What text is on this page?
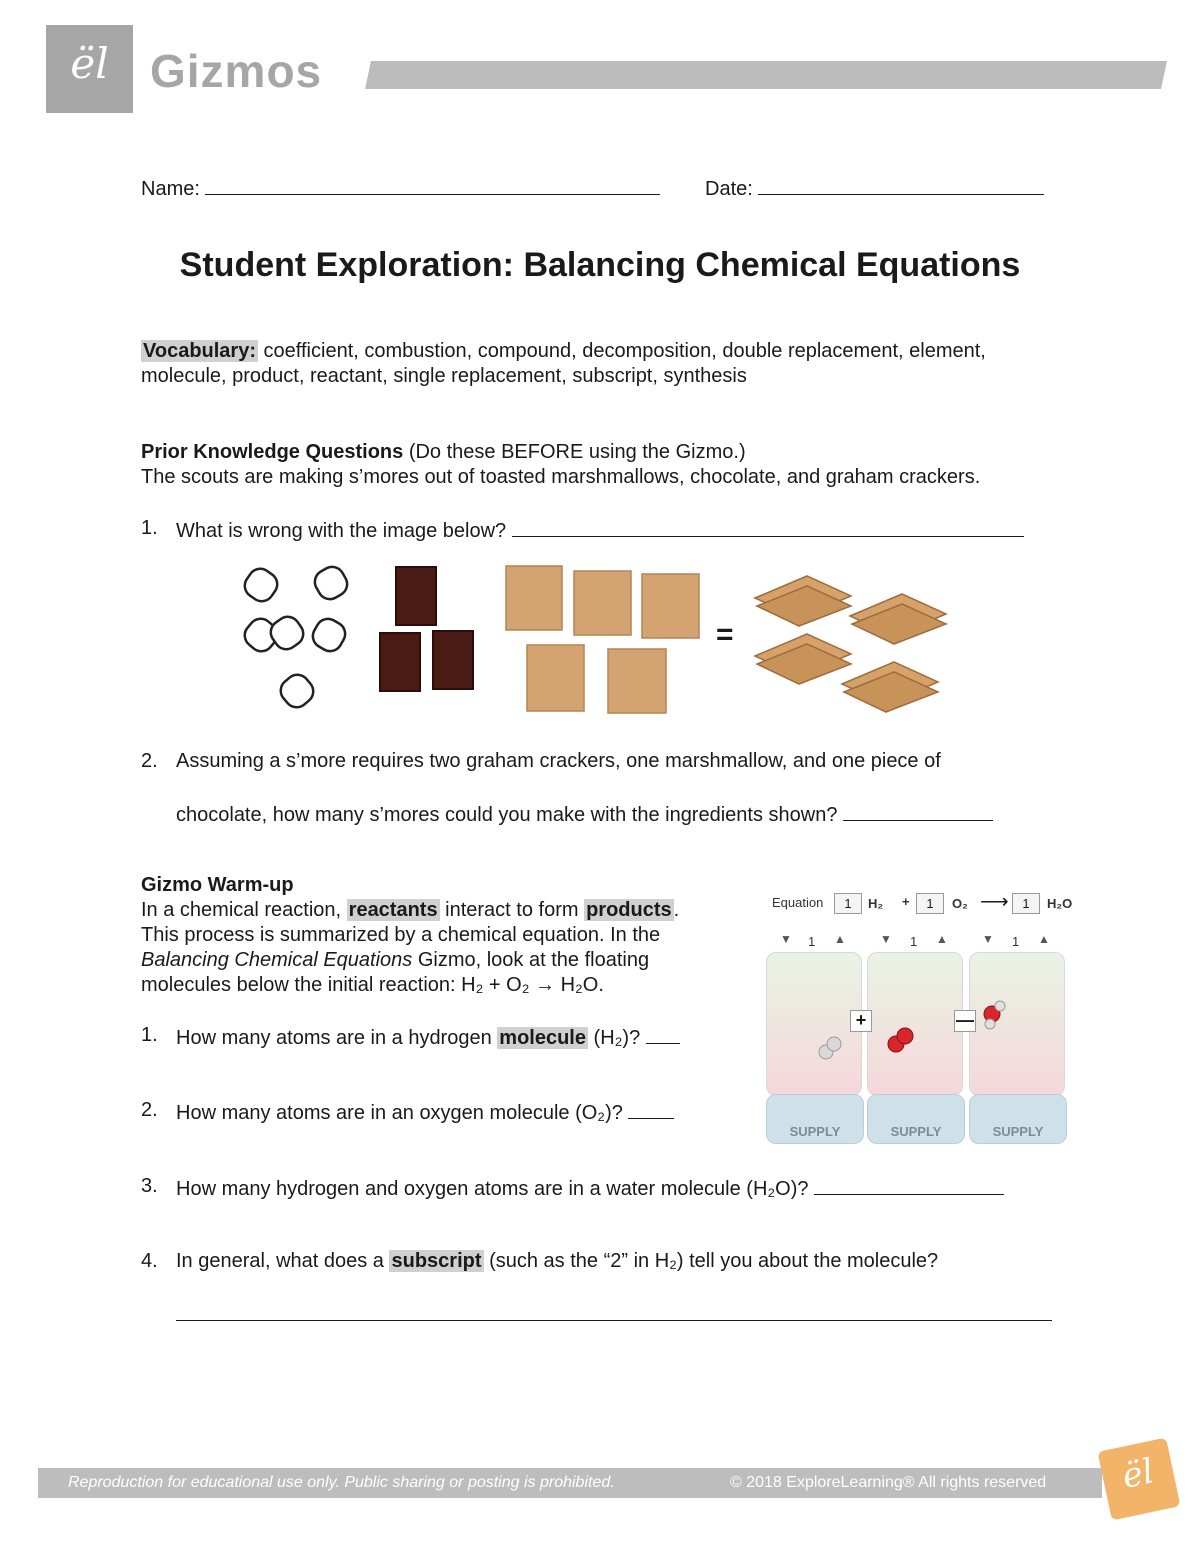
ël Gizmos
Name:	Date:
Student Exploration: Balancing Chemical Equations
Vocabulary: coefficient, combustion, compound, decomposition, double replacement, element,
molecule, product, reactant, single replacement, subscript, synthesis
Prior Knowledge Questions (Do these BEFORE using the Gizmo.)
The scouts are making s’mores out of toasted marshmallows, chocolate, and graham crackers.
1. What is wrong with the image below?
=
2. Assuming a s’more requires two graham crackers, one marshmallow, and one piece of
chocolate, how many s’mores could you make with the ingredients shown?
Gizmo Warm-up
In a chemical reaction, reactants interact to form products .
This process is summarized by a chemical equation. In the
Balancing Chemical Equations Gizmo, look at the floating
molecules below the initial reaction: H₂ + O₂ → H₂O.
1. How many atoms are in a hydrogen molecule (H₂)?
2. How many atoms are in an oxygen molecule (O₂)?
Equation	1	H₂ +	1	O₂ ⟶	1	H₂O
▼ 1 ▲	▼ 1 ▲	▼ 1 ▲
+	—
SUPPLY	SUPPLY	SUPPLY
3. How many hydrogen and oxygen atoms are in a water molecule (H₂O)?
4. In general, what does a subscript (such as the “2” in H₂) tell you about the molecule?
Reproduction for educational use only. Public sharing or posting is prohibited.	© 2018 ExploreLearning® All rights reserved	ël
